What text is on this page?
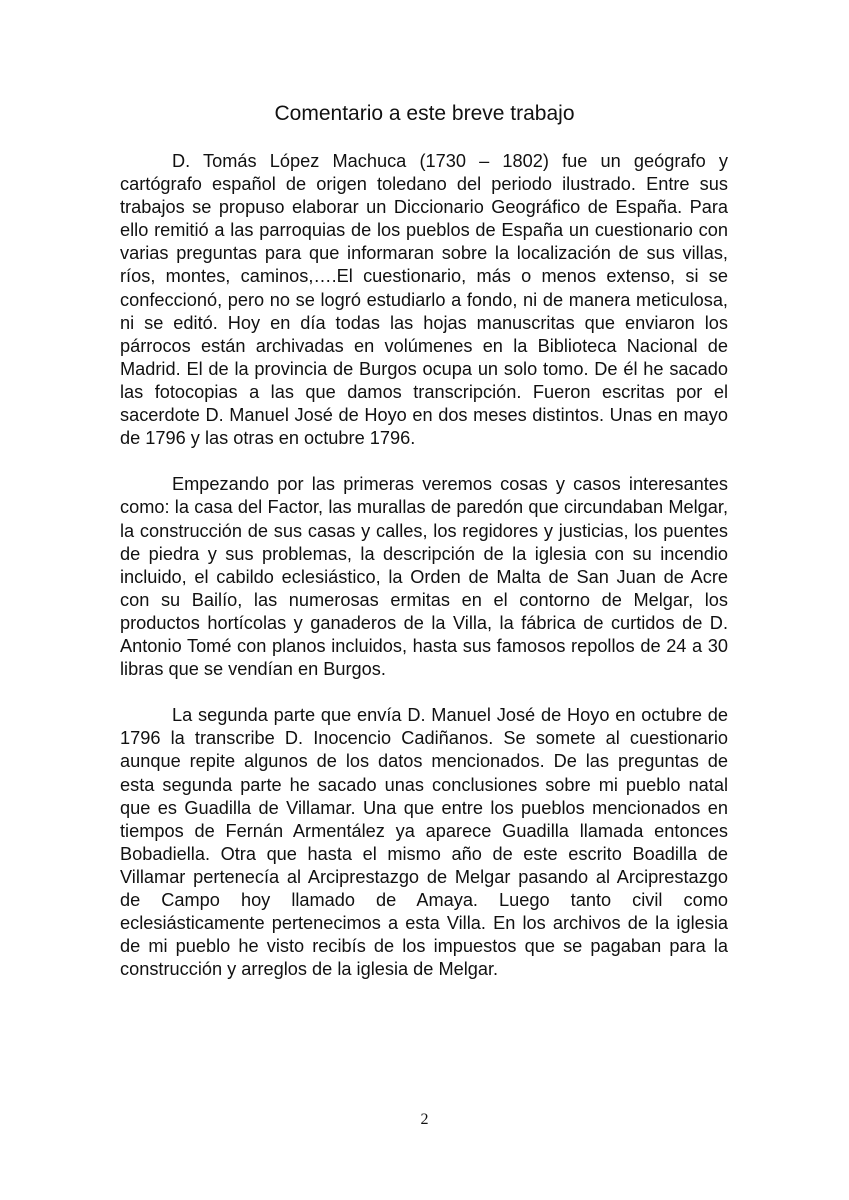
Comentario a este breve trabajo

D. Tomás López Machuca (1730 – 1802) fue un geógrafo y cartógrafo español de origen toledano del periodo ilustrado. Entre sus trabajos se propuso elaborar un Diccionario Geográfico de España. Para ello remitió a las parroquias de los pueblos de España un cuestionario con varias preguntas para que informaran sobre la localización de sus villas, ríos, montes, caminos,….El cuestionario, más o menos extenso, si se confeccionó, pero no se logró estudiarlo a fondo, ni de manera meticulosa, ni se editó. Hoy en día todas las hojas manuscritas que enviaron los párrocos están archivadas en volúmenes en la Biblioteca Nacional de Madrid. El de la provincia de Burgos ocupa un solo tomo. De él he sacado las fotocopias a las que damos transcripción. Fueron escritas por el sacerdote D. Manuel José de Hoyo en dos meses distintos. Unas en mayo de 1796 y las otras en octubre 1796.

Empezando por las primeras veremos cosas y casos interesantes como: la casa del Factor, las murallas de paredón que circundaban Melgar, la construcción de sus casas y calles, los regidores y justicias, los puentes de piedra y sus problemas, la descripción de la iglesia con su incendio incluido, el cabildo eclesiástico, la Orden de Malta de San Juan de Acre con su Bailío, las numerosas ermitas en el contorno de Melgar, los productos hortícolas y ganaderos de la Villa, la fábrica de curtidos de D. Antonio Tomé con planos incluidos, hasta sus famosos repollos de 24 a 30 libras que se vendían en Burgos.

La segunda parte que envía D. Manuel José de Hoyo en octubre de 1796 la transcribe D. Inocencio Cadiñanos. Se somete al cuestionario aunque repite algunos de los datos mencionados. De las preguntas de esta segunda parte he sacado unas conclusiones sobre mi pueblo natal que es Guadilla de Villamar. Una que entre los pueblos mencionados en tiempos de Fernán Armentález ya aparece Guadilla llamada entonces Bobadiella. Otra que hasta el mismo año de este escrito Boadilla de Villamar pertenecía al Arciprestazgo de Melgar pasando al Arciprestazgo de Campo hoy llamado de Amaya. Luego tanto civil como eclesiásticamente pertenecimos a esta Villa. En los archivos de la iglesia de mi pueblo he visto recibís de los impuestos que se pagaban para la construcción y arreglos de la iglesia de Melgar.

2
